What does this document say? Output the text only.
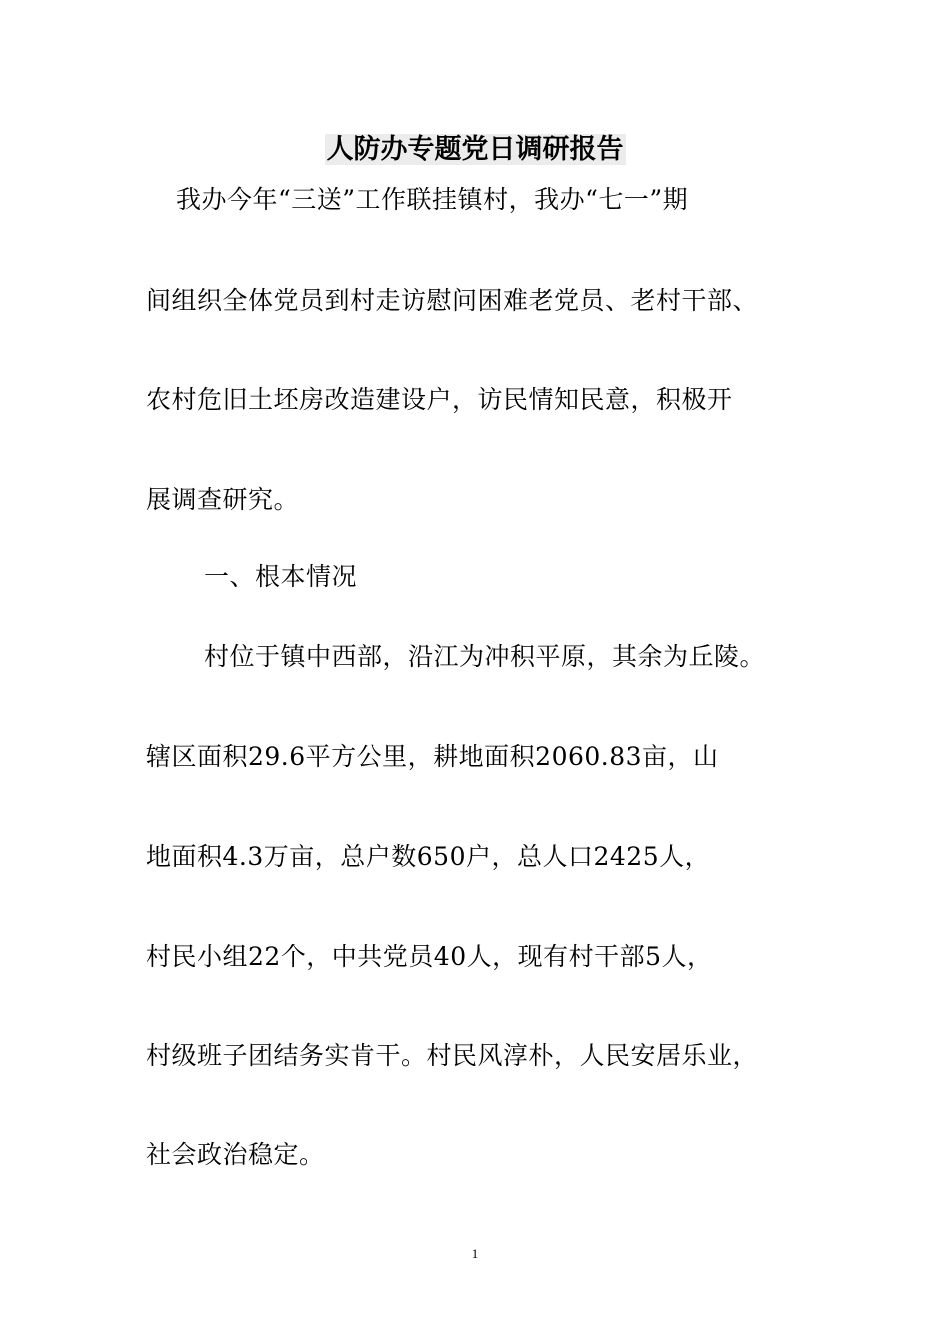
人防办专题党日调研报告
我办今年“三送”工作联挂镇村，我办“七一”期
间组织全体党员到村走访慰问困难老党员、老村干部、
农村危旧土坯房改造建设户，访民情知民意，积极开
展调查研究。
一、根本情况
村位于镇中西部，沿江为冲积平原，其余为丘陵。
辖区面积29.6平方公里，耕地面积2060.83亩，山
地面积4.3万亩，总户数650户，总人口2425人，
村民小组22个，中共党员40人，现有村干部5人，
村级班子团结务实肯干。村民风淳朴，人民安居乐业，
社会政治稳定。
1
